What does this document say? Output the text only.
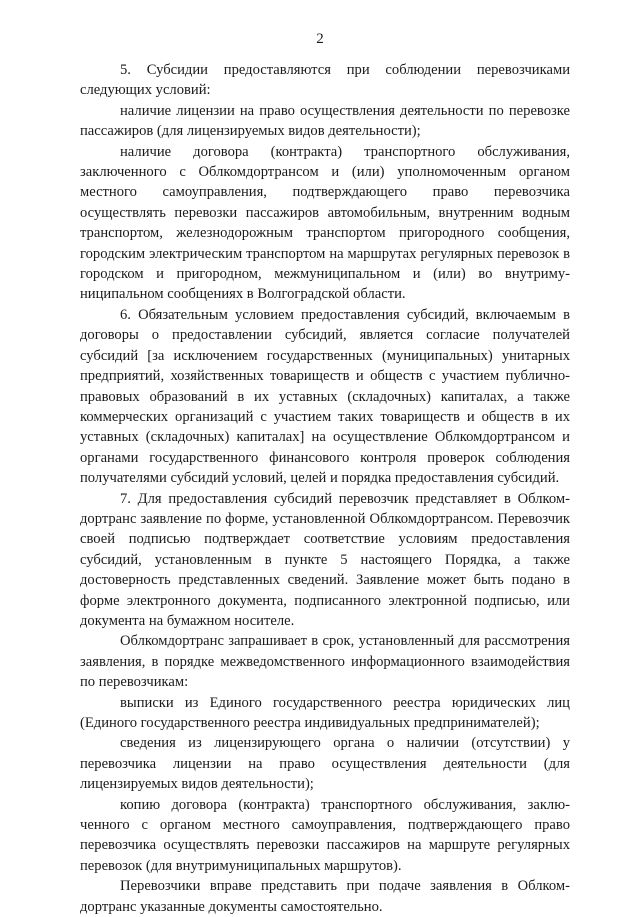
2

5. Субсидии предоставляются при соблюдении перевозчиками следующих условий:

наличие лицензии на право осуществления деятельности по перевозке пассажиров (для лицензируемых видов деятельности);

наличие договора (контракта) транспортного обслуживания, заключенного с Облкомдортрансом и (или) уполномоченным органом местного самоуправления, подтверждающего право перевозчика осуществлять перевозки пассажиров автомобильным, внутренним водным транспортом, железнодорожным транспортом пригородного сообщения, городским электрическим транспортом на маршрутах регулярных перевозок в городском и пригородном, межмуниципальном и (или) во внутримуниципальном сообщениях в Волгоградской области.

6. Обязательным условием предоставления субсидий, включаемым в договоры о предоставлении субсидий, является согласие получателей субсидий [за исключением государственных (муниципальных) унитарных предприятий, хозяйственных товариществ и обществ с участием публично-правовых образований в их уставных (складочных) капиталах, а также коммерческих организаций с участием таких товариществ и обществ в их уставных (складочных) капиталах] на осуществление Облкомдортрансом и органами государственного финансового контроля проверок соблюдения получателями субсидий условий, целей и порядка предоставления субсидий.

7. Для предоставления субсидий перевозчик представляет в Облкомдортранс заявление по форме, установленной Облкомдортрансом. Перевозчик своей подписью подтверждает соответствие условиям предоставления субсидий, установленным в пункте 5 настоящего Порядка, а также достоверность представленных сведений. Заявление может быть подано в форме электронного документа, подписанного электронной подписью, или документа на бумажном носителе.

Облкомдортранс запрашивает в срок, установленный для рассмотрения заявления, в порядке межведомственного информационного взаимодействия по перевозчикам:

выписки из Единого государственного реестра юридических лиц (Единого государственного реестра индивидуальных предпринимателей);

сведения из лицензирующего органа о наличии (отсутствии) у перевозчика лицензии на право осуществления деятельности (для лицензируемых видов деятельности);

копию договора (контракта) транспортного обслуживания, заключенного с органом местного самоуправления, подтверждающего право перевозчика осуществлять перевозки пассажиров на маршруте регулярных перевозок (для внутримуниципальных маршрутов).

Перевозчики вправе представить при подаче заявления в Облкомдортранс указанные документы самостоятельно.
